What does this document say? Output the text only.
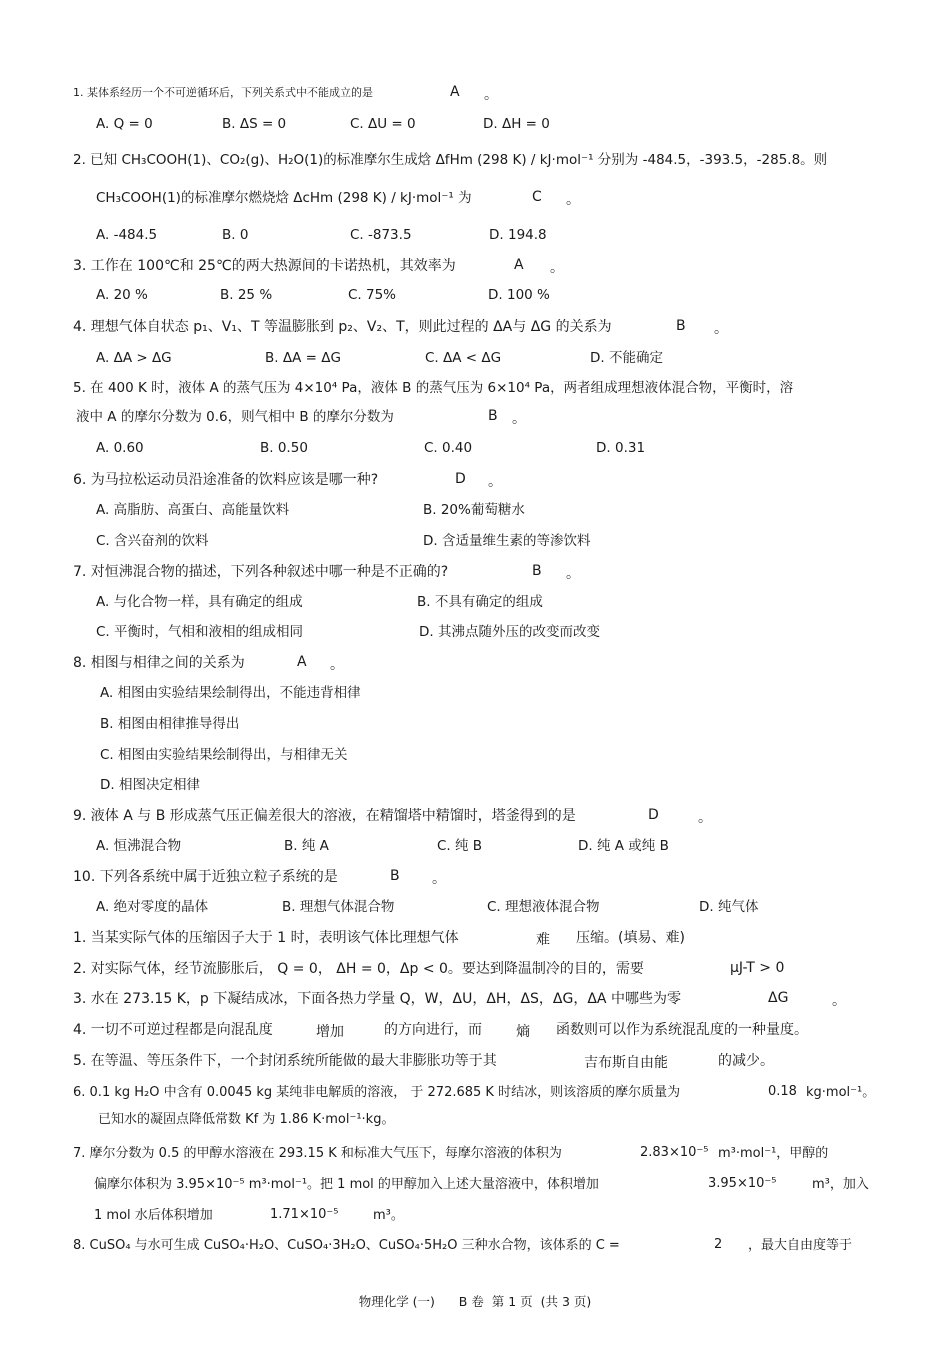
1. 某体系经历一个不可逆循环后，下列关系式中不能成立的是	A 。
A. Q = 0	B. ΔS = 0	C. ΔU = 0	D. ΔH = 0
2. 已知 CH₃COOH(1)、CO₂(g)、H₂O(1)的标准摩尔生成焓 ΔfHm (298 K) / kJ·mol⁻¹ 分别为 -484.5，-393.5，-285.8。则
CH₃COOH(1)的标准摩尔燃烧焓 ΔcHm (298 K) / kJ·mol⁻¹ 为	C 。
A. -484.5	B. 0	C. -873.5	D. 194.8
3. 工作在 100℃和 25℃的两大热源间的卡诺热机，其效率为	A 。
A. 20 %	B. 25 %	C. 75%	D. 100 %
4. 理想气体自状态 p₁、V₁、T 等温膨胀到 p₂、V₂、T，则此过程的 ΔA与 ΔG 的关系为	B 。
A. ΔA > ΔG	B. ΔA = ΔG	C. ΔA < ΔG	D. 不能确定
5. 在 400 K 时，液体 A 的蒸气压为 4×10⁴ Pa，液体 B 的蒸气压为 6×10⁴ Pa，两者组成理想液体混合物，平衡时，溶
液中 A 的摩尔分数为 0.6，则气相中 B 的摩尔分数为	B 。
A. 0.60	B. 0.50	C. 0.40	D. 0.31
6. 为马拉松运动员沿途准备的饮料应该是哪一种?	D 。
A. 高脂肪、高蛋白、高能量饮料	B. 20%葡萄糖水
C. 含兴奋剂的饮料	D. 含适量维生素的等渗饮料
7. 对恒沸混合物的描述，下列各种叙述中哪一种是不正确的?	B 。
A. 与化合物一样，具有确定的组成	B. 不具有确定的组成
C. 平衡时，气相和液相的组成相同	D. 其沸点随外压的改变而改变
8. 相图与相律之间的关系为	A 。
A. 相图由实验结果绘制得出，不能违背相律
B. 相图由相律推导得出
C. 相图由实验结果绘制得出，与相律无关
D. 相图决定相律
9. 液体 A 与 B 形成蒸气压正偏差很大的溶液，在精馏塔中精馏时，塔釜得到的是	D	。
A. 恒沸混合物	B. 纯 A	C. 纯 B	D. 纯 A 或纯 B
10. 下列各系统中属于近独立粒子系统的是	B 。
A. 绝对零度的晶体	B. 理想气体混合物	C. 理想液体混合物	D. 纯气体
1. 当某实际气体的压缩因子大于 1 时，表明该气体比理想气体	难 压缩。(填易、难)
2. 对实际气体，经节流膨胀后， Q = 0， ΔH = 0，Δp < 0。要达到降温制冷的目的，需要	μJ-T > 0
3. 水在 273.15 K，p 下凝结成冰，下面各热力学量 Q，W，ΔU，ΔH，ΔS，ΔG，ΔA 中哪些为零	ΔG	。
4. 一切不可逆过程都是向混乱度	增加	的方向进行，而 熵 函数则可以作为系统混乱度的一种量度。
5. 在等温、等压条件下，一个封闭系统所能做的最大非膨胀功等于其	吉布斯自由能	的减少。
6. 0.1 kg H₂O 中含有 0.0045 kg 某纯非电解质的溶液， 于 272.685 K 时结冰，则该溶质的摩尔质量为	0.18 kg·mol⁻¹。
已知水的凝固点降低常数 Kf 为 1.86 K·mol⁻¹·kg。
7. 摩尔分数为 0.5 的甲醇水溶液在 293.15 K 和标准大气压下，每摩尔溶液的体积为	2.83×10⁻⁵ m³·mol⁻¹，甲醇的
偏摩尔体积为 3.95×10⁻⁵ m³·mol⁻¹。把 1 mol 的甲醇加入上述大量溶液中，体积增加	3.95×10⁻⁵	m³，加入
1 mol 水后体积增加	1.71×10⁻⁵	m³。
8. CuSO₄ 与水可生成 CuSO₄·H₂O、CuSO₄·3H₂O、CuSO₄·5H₂O 三种水合物，该体系的 C =	2 ，最大自由度等于
物理化学 (一)      B 卷  第 1 页  (共 3 页)
